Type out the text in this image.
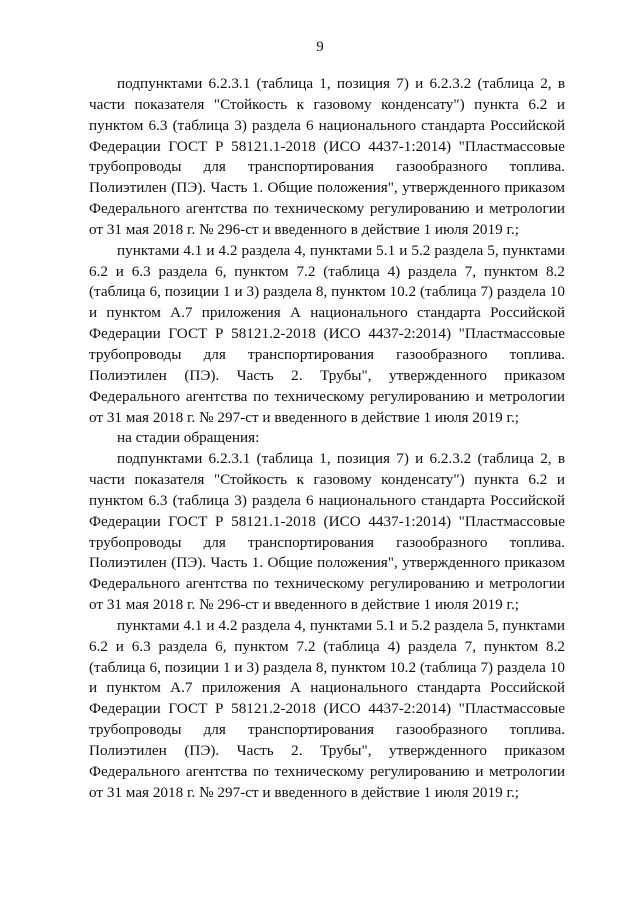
9

подпунктами 6.2.3.1 (таблица 1, позиция 7) и 6.2.3.2 (таблица 2, в части показателя "Стойкость к газовому конденсату") пункта 6.2 и пунктом 6.3 (таблица 3) раздела 6 национального стандарта Российской Федерации ГОСТ Р 58121.1-2018 (ИСО 4437-1:2014) "Пластмассовые трубопроводы для транспортирования газообразного топлива. Полиэтилен (ПЭ). Часть 1. Общие положения", утвержденного приказом Федерального агентства по техническому регулированию и метрологии от 31 мая 2018 г. № 296-ст и введенного в действие 1 июля 2019 г.;

пунктами 4.1 и 4.2 раздела 4, пунктами 5.1 и 5.2 раздела 5, пунктами 6.2 и 6.3 раздела 6, пунктом 7.2 (таблица 4) раздела 7, пунктом 8.2 (таблица 6, позиции 1 и 3) раздела 8, пунктом 10.2 (таблица 7) раздела 10 и пунктом А.7 приложения А национального стандарта Российской Федерации ГОСТ Р 58121.2-2018 (ИСО 4437-2:2014) "Пластмассовые трубопроводы для транспортирования газообразного топлива. Полиэтилен (ПЭ). Часть 2. Трубы", утвержденного приказом Федерального агентства по техническому регулированию и метрологии от 31 мая 2018 г. № 297-ст и введенного в действие 1 июля 2019 г.;

на стадии обращения:

подпунктами 6.2.3.1 (таблица 1, позиция 7) и 6.2.3.2 (таблица 2, в части показателя "Стойкость к газовому конденсату") пункта 6.2 и пунктом 6.3 (таблица 3) раздела 6 национального стандарта Российской Федерации ГОСТ Р 58121.1-2018 (ИСО 4437-1:2014) "Пластмассовые трубопроводы для транспортирования газообразного топлива. Полиэтилен (ПЭ). Часть 1. Общие положения", утвержденного приказом Федерального агентства по техническому регулированию и метрологии от 31 мая 2018 г. № 296-ст и введенного в действие 1 июля 2019 г.;

пунктами 4.1 и 4.2 раздела 4, пунктами 5.1 и 5.2 раздела 5, пунктами 6.2 и 6.3 раздела 6, пунктом 7.2 (таблица 4) раздела 7, пунктом 8.2 (таблица 6, позиции 1 и 3) раздела 8, пунктом 10.2 (таблица 7) раздела 10 и пунктом А.7 приложения А национального стандарта Российской Федерации ГОСТ Р 58121.2-2018 (ИСО 4437-2:2014) "Пластмассовые трубопроводы для транспортирования газообразного топлива. Полиэтилен (ПЭ). Часть 2. Трубы", утвержденного приказом Федерального агентства по техническому регулированию и метрологии от 31 мая 2018 г. № 297-ст и введенного в действие 1 июля 2019 г.;
